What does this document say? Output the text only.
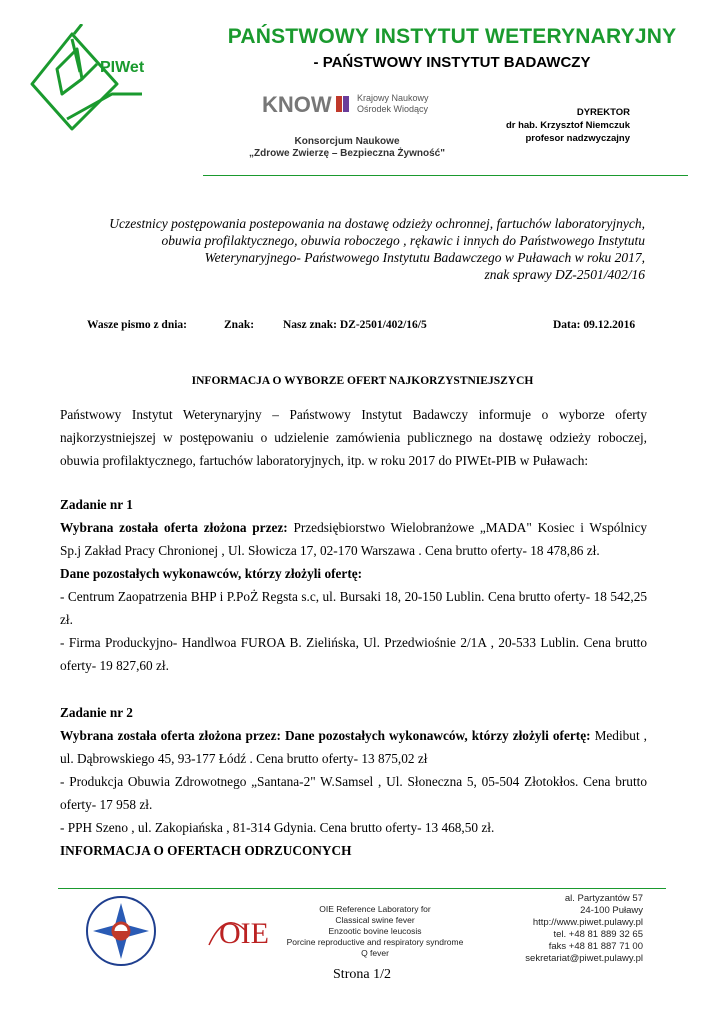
PIWet
PAŃSTWOWY INSTYTUT WETERYNARYJNY
- PAŃSTWOWY INSTYTUT BADAWCZY
KNOW	Krajowy Naukowy
Ośrodek Wiodący
Konsorcjum Naukowe
„Zdrowe Zwierzę – Bezpieczna Żywność"
DYREKTOR
dr hab. Krzysztof Niemczuk
profesor nadzwyczajny
Uczestnicy postępowania postepowania na dostawę odzieży ochronnej, fartuchów laboratoryjnych,
obuwia profilaktycznego, obuwia roboczego , rękawic i innych do Państwowego Instytutu
Weterynaryjnego- Państwowego Instytutu Badawczego w Puławach w roku 2017,
znak sprawy DZ-2501/402/16
Wasze pismo z dnia:	Znak:	Nasz znak: DZ-2501/402/16/5	Data: 09.12.2016
INFORMACJA O WYBORZE OFERT NAJKORZYSTNIEJSZYCH
Państwowy Instytut Weterynaryjny – Państwowy Instytut Badawczy informuje o wyborze oferty najkorzystniejszej w postępowaniu o udzielenie zamówienia publicznego na dostawę odzieży roboczej, obuwia profilaktycznego, fartuchów laboratoryjnych, itp. w roku 2017 do PIWEt-PIB w Puławach:
Zadanie nr 1
Wybrana została oferta złożona przez: Przedsiębiorstwo Wielobranżowe „MADA" Kosiec i Wspólnicy Sp.j Zakład Pracy Chronionej , Ul. Słowicza 17, 02-170 Warszawa . Cena brutto oferty- 18 478,86 zł.
Dane pozostałych wykonawców, którzy złożyli ofertę:
- Centrum Zaopatrzenia BHP i P.PoŻ Regsta s.c, ul. Bursaki 18, 20-150 Lublin. Cena brutto oferty- 18 542,25 zł.
- Firma Produckyjno- Handlwoa FUROA B. Zielińska, Ul. Przedwiośnie 2/1A , 20-533 Lublin. Cena brutto oferty- 19 827,60 zł.
Zadanie nr 2
Wybrana została oferta złożona przez: Dane pozostałych wykonawców, którzy złożyli ofertę: Medibut , ul. Dąbrowskiego 45, 93-177 Łódź . Cena brutto oferty- 13 875,02 zł
- Produkcja Obuwia Zdrowotnego „Santana-2" W.Samsel , Ul. Słoneczna 5, 05-504 Złotokłos. Cena brutto oferty- 17 958 zł.
- PPH Szeno , ul. Zakopiańska , 81-314 Gdynia. Cena brutto oferty- 13 468,50 zł.
INFORMACJA O OFERTACH ODRZUCONYCH
OIE
OIE Reference Laboratory for
Classical swine fever
Enzootic bovine leucosis
Porcine reproductive and respiratory syndrome
Q fever
al. Partyzantów 57
24-100 Puławy
http://www.piwet.pulawy.pl
tel. +48 81 889 32 65
faks +48 81 887 71 00
sekretariat@piwet.pulawy.pl
Strona 1/2
